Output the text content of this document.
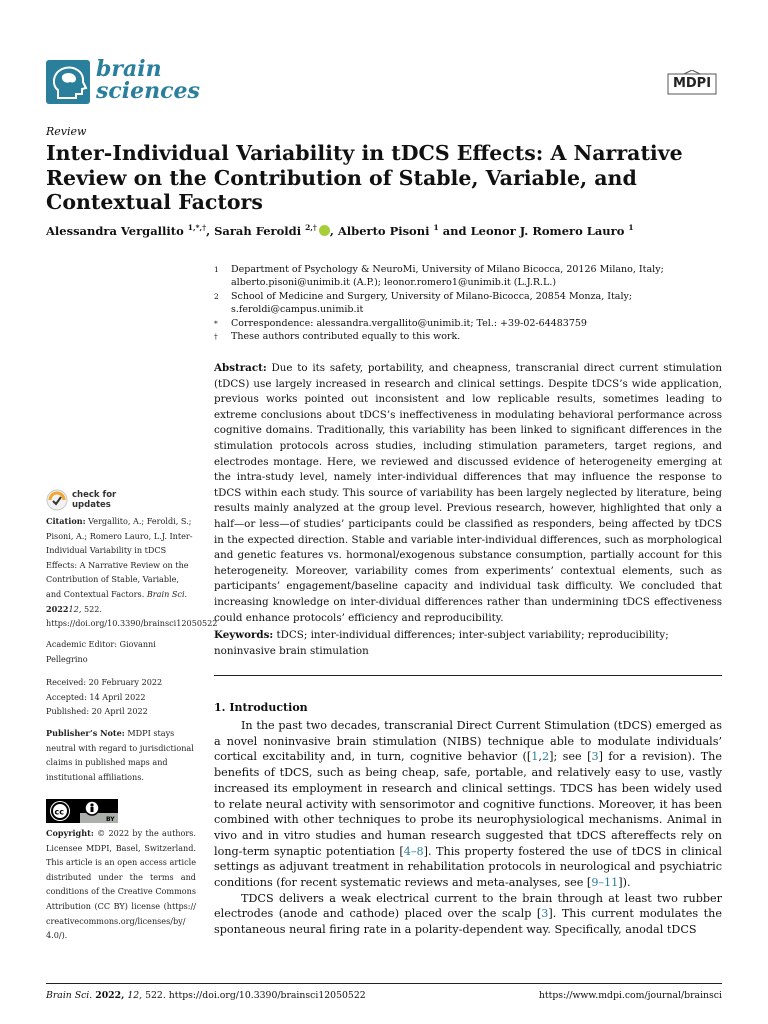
brain
sciences	MDPI
Review
Inter-Individual Variability in tDCS Effects: A Narrative Review on the Contribution of Stable, Variable, and Contextual Factors
Alessandra Vergallito $^{1,*,\dagger}$, Sarah Feroldi $^{2,\dagger}$ , Alberto Pisoni $^1$ and Leonor J. Romero Lauro $^1$
1	Department of Psychology & NeuroMi, University of Milano Bicocca, 20126 Milano, Italy; alberto.pisoni@unimib.it (A.P.); leonor.romero1@unimib.it (L.J.R.L.)
2	School of Medicine and Surgery, University of Milano-Bicocca, 20854 Monza, Italy; s.feroldi@campus.unimib.it
*	Correspondence: alessandra.vergallito@unimib.it; Tel.: +39-02-64483759
†	These authors contributed equally to this work.
Abstract: Due to its safety, portability, and cheapness, transcranial direct current stimulation (tDCS) use largely increased in research and clinical settings. Despite tDCS’s wide application, previous works pointed out inconsistent and low replicable results, sometimes leading to extreme conclusions about tDCS’s ineffectiveness in modulating behavioral performance across cognitive domains. Traditionally, this variability has been linked to significant differences in the stimulation protocols across studies, including stimulation parameters, target regions, and electrodes montage. Here, we reviewed and discussed evidence of heterogeneity emerging at the intra-study level, namely inter-individual differences that may influence the response to tDCS within each study. This source of variability has been largely neglected by literature, being results mainly analyzed at the group level. Previous research, however, highlighted that only a half—or less—of studies’ participants could be classified as responders, being affected by tDCS in the expected direction. Stable and variable inter-individual differences, such as morphological and genetic features vs. hormonal/exogenous substance consumption, partially account for this heterogeneity. Moreover, variability comes from experiments’ contextual elements, such as participants’ engagement/baseline capacity and individual task difficulty. We concluded that increasing knowledge on inter-dividual differences rather than undermining tDCS effectiveness could enhance protocols’ efficiency and reproducibility.
Keywords: tDCS; inter-individual differences; inter-subject variability; reproducibility; noninvasive brain stimulation
check for
updates
Citation: Vergallito, A.; Feroldi, S.; Pisoni, A.; Romero Lauro, L.J. Inter-Individual Variability in tDCS Effects: A Narrative Review on the Contribution of Stable, Variable, and Contextual Factors. Brain Sci. 202212, 522. https://doi.org/10.3390/brainsci12050522
Academic Editor: Giovanni Pellegrino
Received: 20 February 2022
Accepted: 14 April 2022
Published: 20 April 2022
Publisher’s Note: MDPI stays neutral with regard to jurisdictional claims in published maps and institutional affiliations.
cc
BY
Copyright: © 2022 by the authors. Licensee MDPI, Basel, Switzerland. This article is an open access article distributed under the terms and conditions of the Creative Commons Attribution (CC BY) license (https:// creativecommons.org/licenses/by/ 4.0/).
1. Introduction

In the past two decades, transcranial Direct Current Stimulation (tDCS) emerged as a novel noninvasive brain stimulation (NIBS) technique able to modulate individuals’ cortical excitability and, in turn, cognitive behavior ([1,2]; see [3] for a revision). The benefits of tDCS, such as being cheap, safe, portable, and relatively easy to use, vastly increased its employment in research and clinical settings. TDCS has been widely used to relate neural activity with sensorimotor and cognitive functions. Moreover, it has been combined with other techniques to probe its neurophysiological mechanisms. Animal in vivo and in vitro studies and human research suggested that tDCS aftereffects rely on long-term synaptic potentiation [4–8]. This property fostered the use of tDCS in clinical settings as adjuvant treatment in rehabilitation protocols in neurological and psychiatric conditions (for recent systematic reviews and meta-analyses, see [9–11]).

TDCS delivers a weak electrical current to the brain through at least two rubber electrodes (anode and cathode) placed over the scalp [3]. This current modulates the spontaneous neural firing rate in a polarity-dependent way. Specifically, anodal tDCS

Brain Sci. 2022, 12, 522. https://doi.org/10.3390/brainsci12050522	https://www.mdpi.com/journal/brainsci
